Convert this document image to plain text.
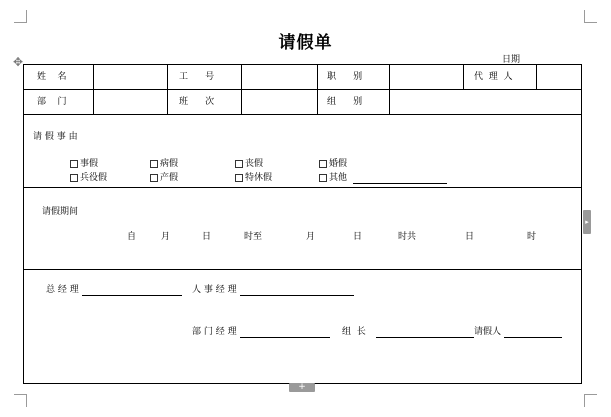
请假单
日期
✥
姓    名	工      号	职      别	代  理  人
部    门	班      次	组      别
请 假 事 由
事假	病假	丧假	婚假
兵役假	产假	特休假	其他
请假期间
自	月	日	时至	月	日	时共	日	时
总 经 理	人 事 经 理
部 门 经 理	组  长	请假人
▸
+
